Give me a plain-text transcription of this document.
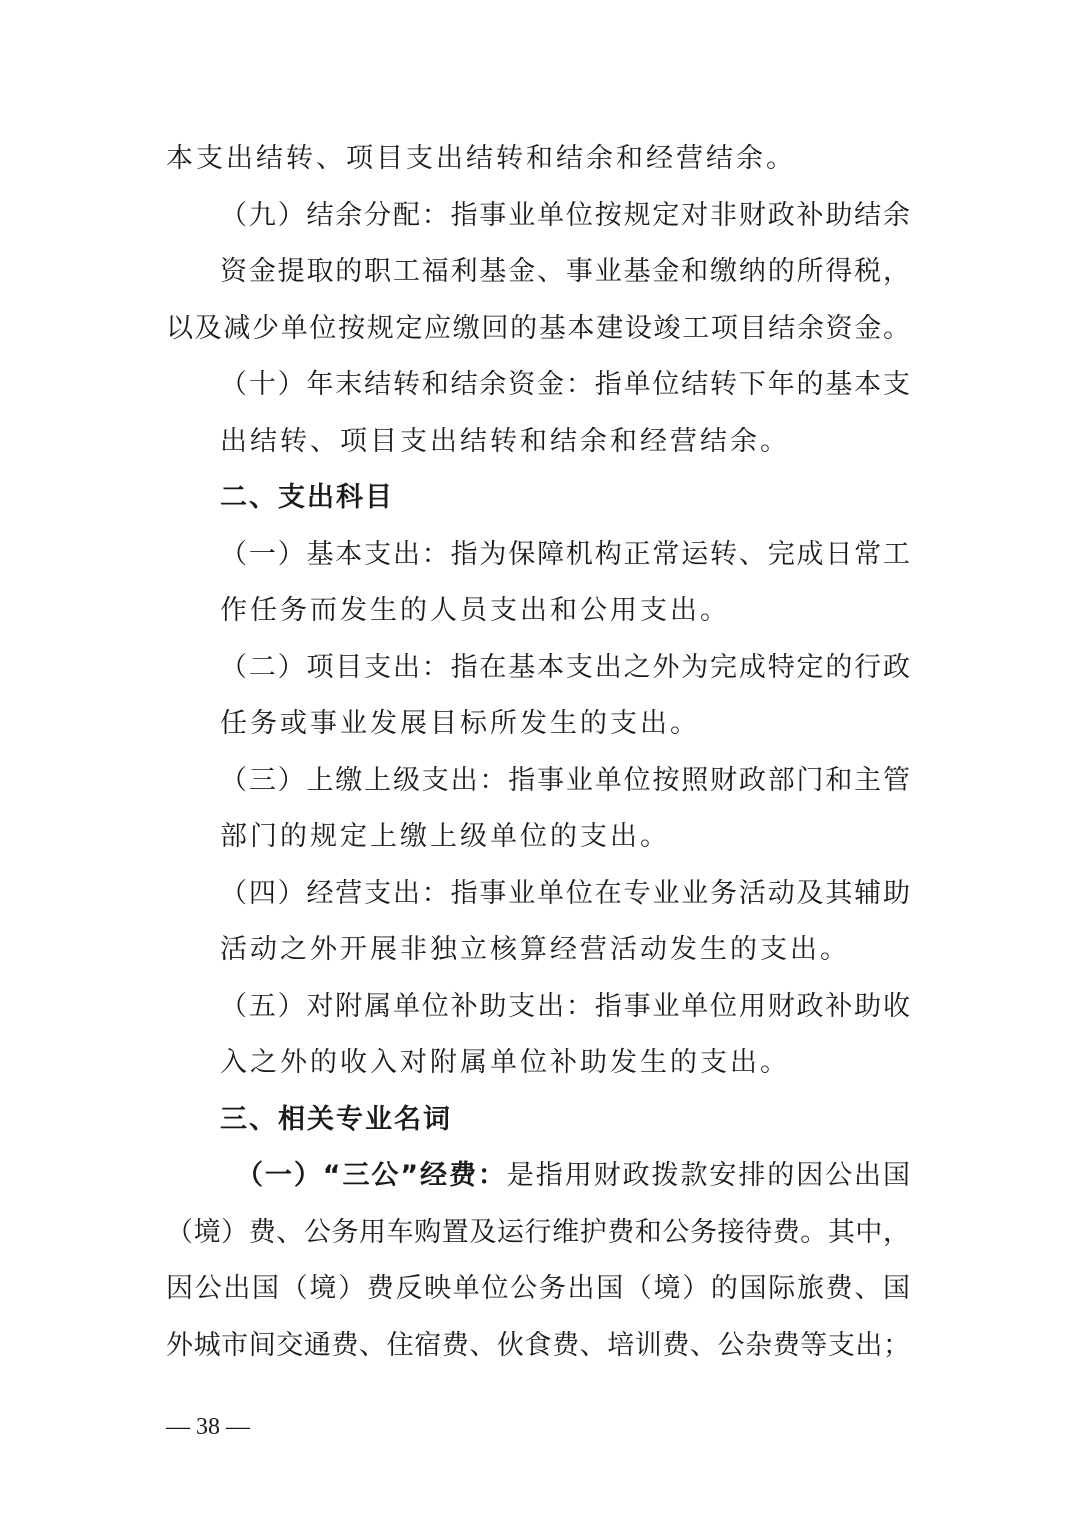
本支出结转、项目支出结转和结余和经营结余。
（九）结余分配：指事业单位按规定对非财政补助结余
资金提取的职工福利基金、事业基金和缴纳的所得税，
以及减少单位按规定应缴回的基本建设竣工项目结余资金。
（十）年末结转和结余资金：指单位结转下年的基本支
出结转、项目支出结转和结余和经营结余。
二、支出科目
（一）基本支出：指为保障机构正常运转、完成日常工
作任务而发生的人员支出和公用支出。
（二）项目支出：指在基本支出之外为完成特定的行政
任务或事业发展目标所发生的支出。
（三）上缴上级支出：指事业单位按照财政部门和主管
部门的规定上缴上级单位的支出。
（四）经营支出：指事业单位在专业业务活动及其辅助
活动之外开展非独立核算经营活动发生的支出。
（五）对附属单位补助支出：指事业单位用财政补助收
入之外的收入对附属单位补助发生的支出。
三、相关专业名词
（一）“三公”经费：是指用财政拨款安排的因公出国
（境）费、公务用车购置及运行维护费和公务接待费。其中，
因公出国（境）费反映单位公务出国（境）的国际旅费、国
外城市间交通费、住宿费、伙食费、培训费、公杂费等支出；
— 38 —
